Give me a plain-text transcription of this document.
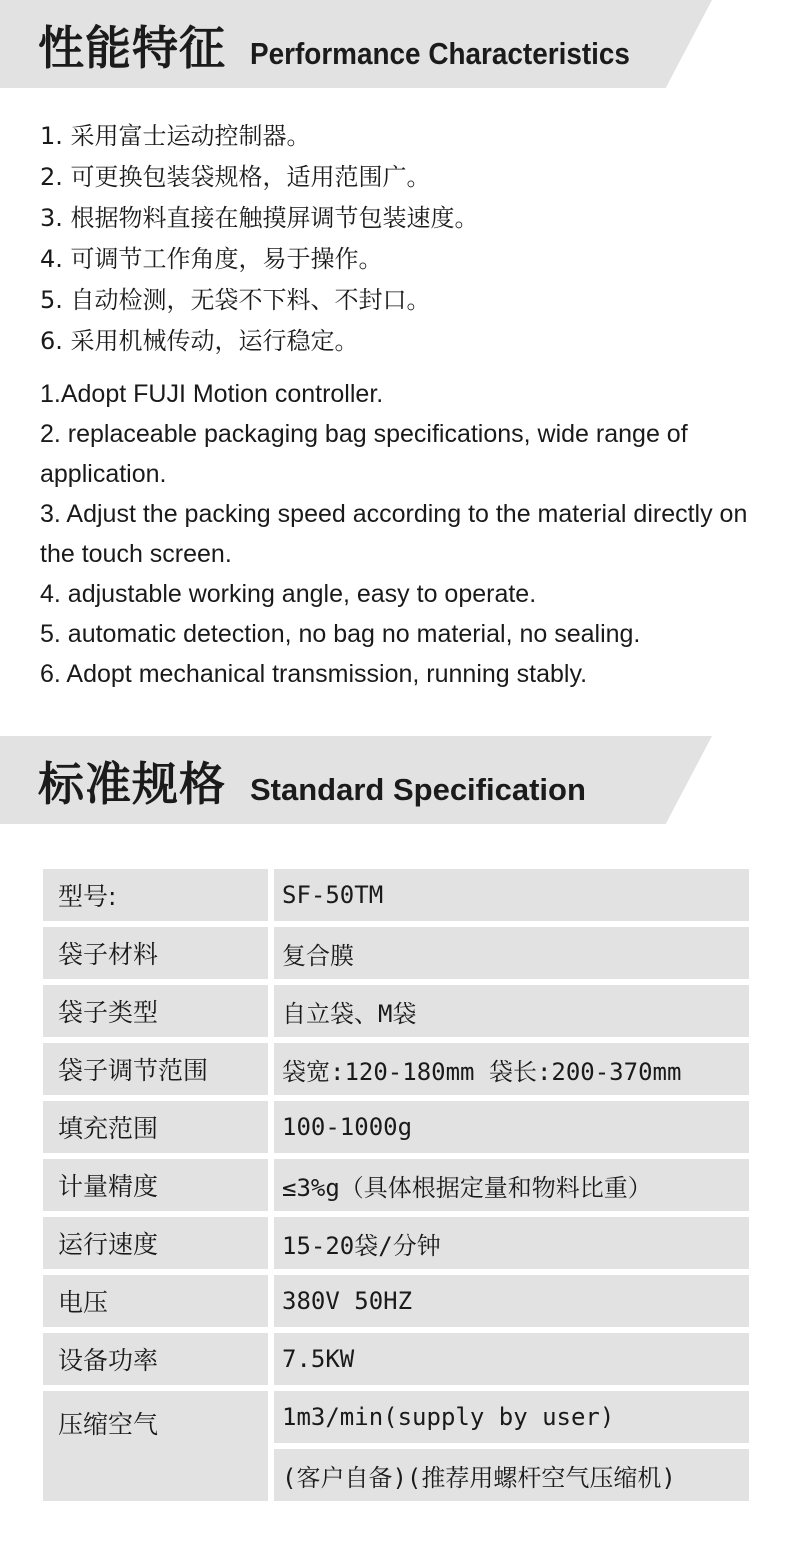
性能特征 Performance Characteristics
1. 采用富士运动控制器。
2. 可更换包装袋规格，适用范围广。
3. 根据物料直接在触摸屏调节包装速度。
4. 可调节工作角度，易于操作。
5. 自动检测，无袋不下料、不封口。
6. 采用机械传动，运行稳定。
1.Adopt FUJI Motion controller.
2. replaceable packaging bag specifications, wide range of application.
3. Adjust the packing speed according to the material directly on the touch screen.
4. adjustable working angle, easy to operate.
5. automatic detection, no bag no material, no sealing.
6. Adopt mechanical transmission, running stably.
标准规格 Standard Specification
型号:	SF-50TM
袋子材料	复合膜
袋子类型	自立袋、M袋
袋子调节范围	袋宽:120-180mm 袋长:200-370mm
填充范围	100-1000g
计量精度	≤3%g（具体根据定量和物料比重）
运行速度	15-20袋/分钟
电压	380V 50HZ
设备功率	7.5KW
压缩空气	1m3/min(supply by user)
	(客户自备)(推荐用螺杆空气压缩机)
